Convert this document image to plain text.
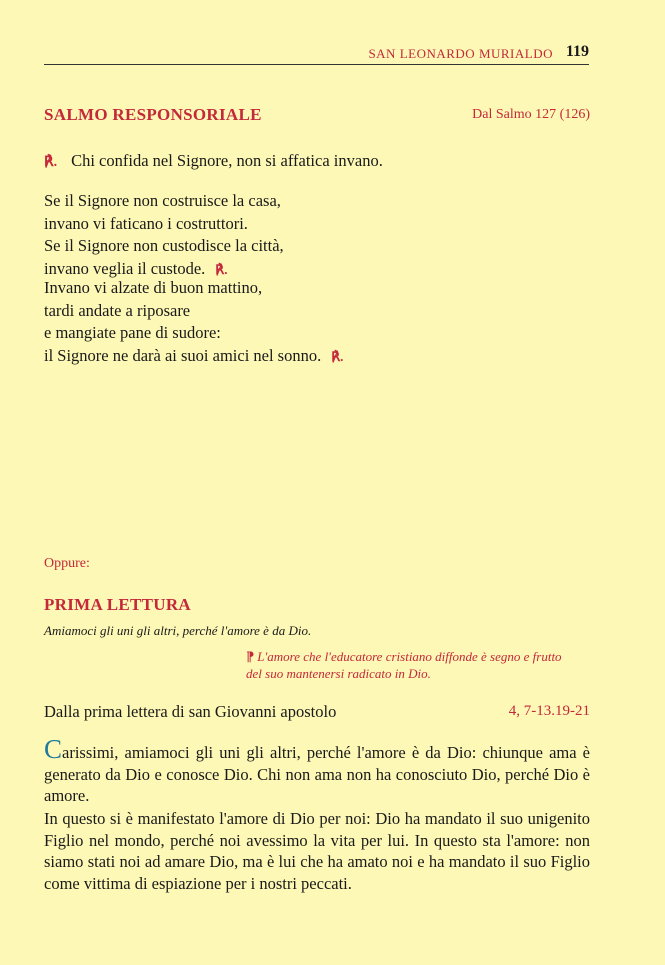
SAN LEONARDO MURIALDO 119
SALMO RESPONSORIALE	Dal Salmo 127 (126)
℟. Chi confida nel Signore, non si affatica invano.
Se il Signore non costruisce la casa,
invano vi faticano i costruttori.
Se il Signore non custodisce la città,
invano veglia il custode. ℟.
Invano vi alzate di buon mattino,
tardi andate a riposare
e mangiate pane di sudore:
il Signore ne darà ai suoi amici nel sonno. ℟.
Oppure:
PRIMA LETTURA
Amiamoci gli uni gli altri, perché l'amore è da Dio.
⁋ L'amore che l'educatore cristiano diffonde è segno e frutto
del suo mantenersi radicato in Dio.
Dalla prima lettera di san Giovanni apostolo	4, 7-13.19-21
Carissimi, amiamoci gli uni gli altri, perché l'amore è da Dio: chiunque ama è generato da Dio e conosce Dio. Chi non ama non ha conosciuto Dio, perché Dio è amore.
In questo si è manifestato l'amore di Dio per noi: Dio ha mandato il suo unigenito Figlio nel mondo, perché noi avessimo la vita per lui. In questo sta l'amore: non siamo stati noi ad amare Dio, ma è lui che ha amato noi e ha mandato il suo Figlio come vittima di espiazione per i nostri peccati.
